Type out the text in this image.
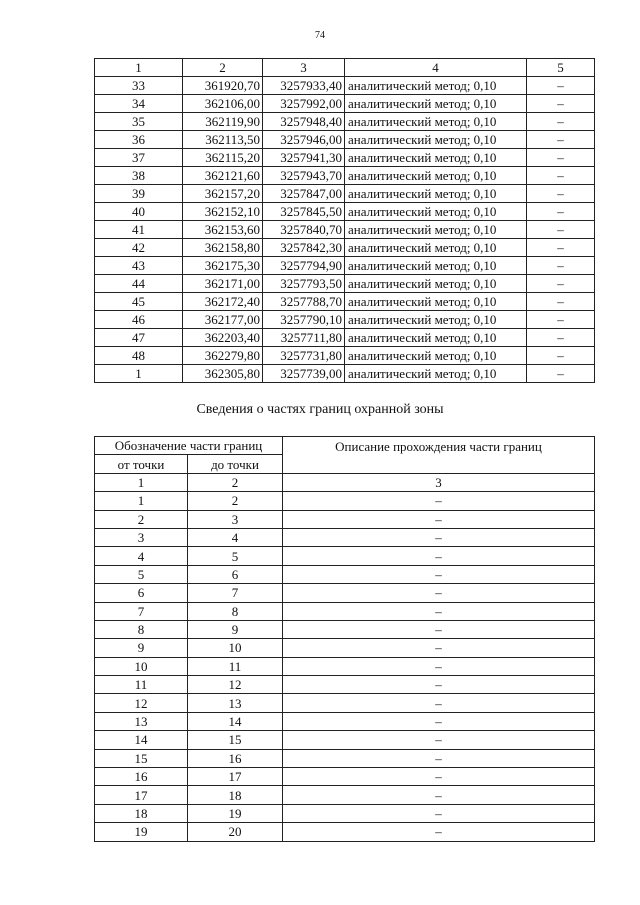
74
1	2	3	4	5
33	361920,70	3257933,40	аналитический метод; 0,10	–
34	362106,00	3257992,00	аналитический метод; 0,10	–
35	362119,90	3257948,40	аналитический метод; 0,10	–
36	362113,50	3257946,00	аналитический метод; 0,10	–
37	362115,20	3257941,30	аналитический метод; 0,10	–
38	362121,60	3257943,70	аналитический метод; 0,10	–
39	362157,20	3257847,00	аналитический метод; 0,10	–
40	362152,10	3257845,50	аналитический метод; 0,10	–
41	362153,60	3257840,70	аналитический метод; 0,10	–
42	362158,80	3257842,30	аналитический метод; 0,10	–
43	362175,30	3257794,90	аналитический метод; 0,10	–
44	362171,00	3257793,50	аналитический метод; 0,10	–
45	362172,40	3257788,70	аналитический метод; 0,10	–
46	362177,00	3257790,10	аналитический метод; 0,10	–
47	362203,40	3257711,80	аналитический метод; 0,10	–
48	362279,80	3257731,80	аналитический метод; 0,10	–
1	362305,80	3257739,00	аналитический метод; 0,10	–
Сведения о частях границ охранной зоны
Обозначение части границ		Описание прохождения части границ
от точки	до точки	
1	2	3
1	2	–
2	3	–
3	4	–
4	5	–
5	6	–
6	7	–
7	8	–
8	9	–
9	10	–
10	11	–
11	12	–
12	13	–
13	14	–
14	15	–
15	16	–
16	17	–
17	18	–
18	19	–
19	20	–
